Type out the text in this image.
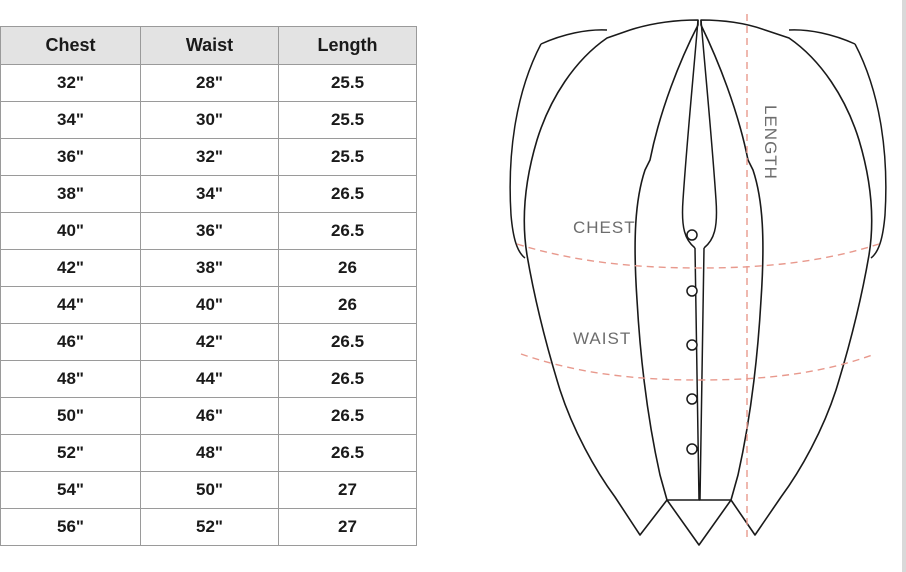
Chest	Waist	Length
32"	28"	25.5
34"	30"	25.5
36"	32"	25.5
38"	34"	26.5
40"	36"	26.5
42"	38"	26
44"	40"	26
46"	42"	26.5
48"	44"	26.5
50"	46"	26.5
52"	48"	26.5
54"	50"	27
56"	52"	27
CHEST
WAIST
LENGTH
